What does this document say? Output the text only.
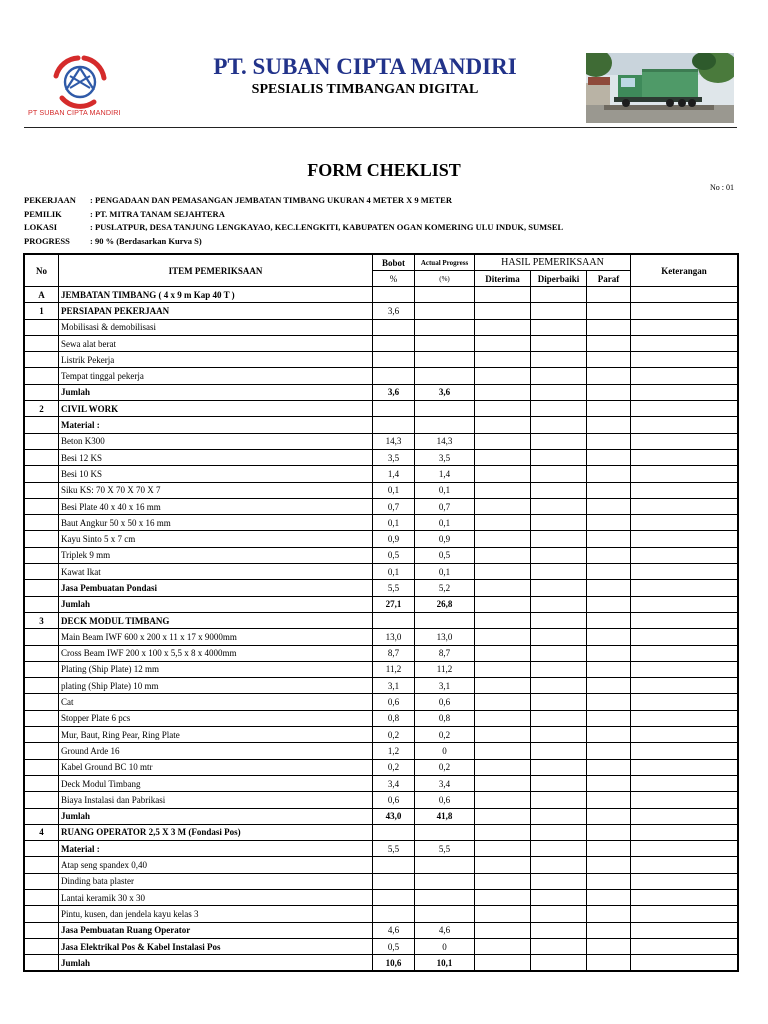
PT SUBAN CIPTA MANDIRI
PT. SUBAN CIPTA MANDIRI
SPESIALIS TIMBANGAN DIGITAL
FORM CHEKLIST
No : 01
PEKERJAAN : PENGADAAN DAN PEMASANGAN JEMBATAN TIMBANG UKURAN 4 METER X 9 METER
PEMILIK	: PT. MITRA TANAM SEJAHTERA
LOKASI	: PUSLATPUR, DESA TANJUNG LENGKAYAO, KEC.LENGKITI, KABUPATEN OGAN KOMERING ULU INDUK, SUMSEL
PROGRESS : 90 % (Berdasarkan Kurva S)
No	ITEM PEMERIKSAAN	Bobot	Actual Progress	HASIL PEMERIKSAAN			Keterangan
		%	(%)	Diterima	Diperbaiki	Paraf	
A	JEMBATAN TIMBANG ( 4 x 9 m Kap 40 T )						
1	PERSIAPAN PEKERJAAN	3,6					
	Mobilisasi & demobilisasi						
	Sewa alat berat						
	Listrik Pekerja						
	Tempat tinggal pekerja						
	Jumlah	3,6	3,6				
2	CIVIL WORK						
	Material :						
	Beton K300	14,3	14,3				
	Besi 12 KS	3,5	3,5				
	Besi 10 KS	1,4	1,4				
	Siku KS: 70 X 70 X 70 X 7	0,1	0,1				
	Besi Plate 40 x 40 x 16 mm	0,7	0,7				
	Baut Angkur 50 x 50 x 16 mm	0,1	0,1				
	Kayu Sinto 5 x 7 cm	0,9	0,9				
	Triplek 9 mm	0,5	0,5				
	Kawat Ikat	0,1	0,1				
	Jasa Pembuatan Pondasi	5,5	5,2				
	Jumlah	27,1	26,8				
3	DECK MODUL TIMBANG						
	Main Beam IWF 600 x 200 x 11 x 17 x 9000mm	13,0	13,0				
	Cross Beam IWF 200 x 100 x 5,5 x 8 x 4000mm	8,7	8,7				
	Plating (Ship Plate) 12 mm	11,2	11,2				
	plating (Ship Plate) 10 mm	3,1	3,1				
	Cat	0,6	0,6				
	Stopper Plate 6 pcs	0,8	0,8				
	Mur, Baut, Ring Pear, Ring Plate	0,2	0,2				
	Ground Arde 16	1,2	0				
	Kabel Ground BC 10 mtr	0,2	0,2				
	Deck Modul Timbang	3,4	3,4				
	Biaya Instalasi dan Pabrikasi	0,6	0,6				
	Jumlah	43,0	41,8				
4	RUANG OPERATOR 2,5 X 3 M (Fondasi Pos)						
	Material :	5,5	5,5				
	Atap seng spandex 0,40						
	Dinding bata plaster						
	Lantai keramik 30 x 30						
	Pintu, kusen, dan jendela kayu kelas 3						
	Jasa Pembuatan Ruang Operator	4,6	4,6				
	Jasa Elektrikal Pos & Kabel Instalasi Pos	0,5	0				
	Jumlah	10,6	10,1				
